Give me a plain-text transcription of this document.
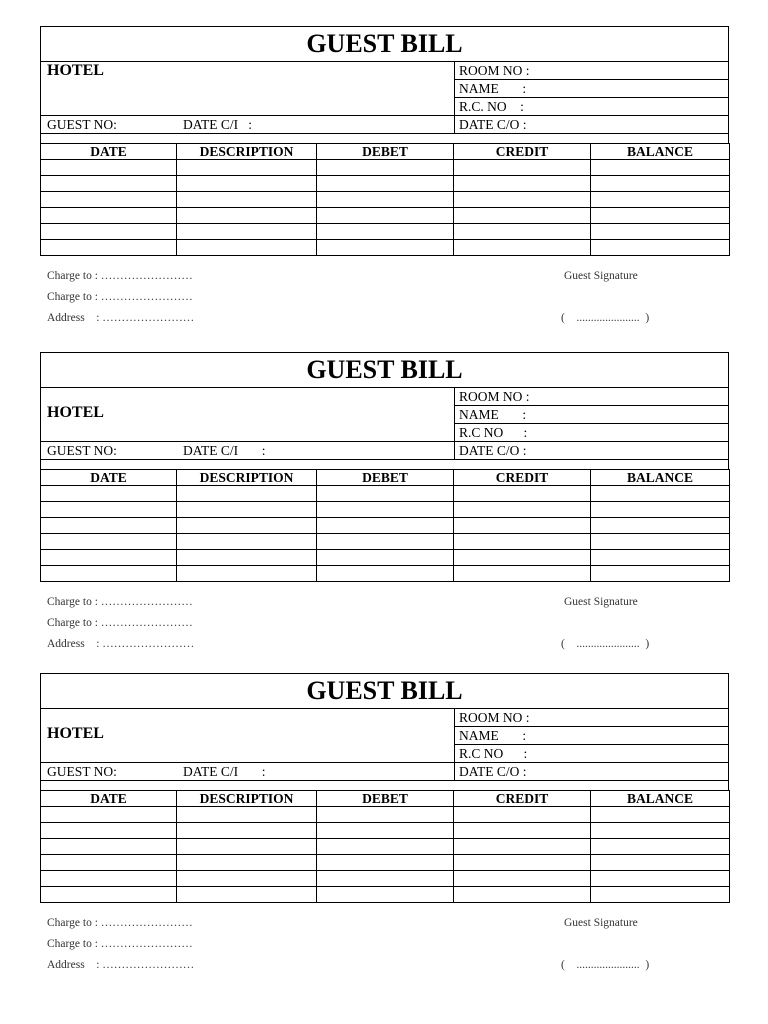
GUEST BILL
HOTEL	ROOM NO :
NAME       :
R.C. NO    :
GUEST NO:	DATE C/I   :	DATE C/O :
DATE	DESCRIPTION	DEBET	CREDIT	BALANCE

Charge to : ……………………
Charge to : ……………………
Address    : ……………………
Guest Signature
(    ......................  )
GUEST BILL
HOTEL
ROOM NO :
NAME       :
R.C NO      :
GUEST NO:	DATE C/I       :	DATE C/O :
DATE	DESCRIPTION	DEBET	CREDIT	BALANCE

Charge to : ……………………
Charge to : ……………………
Address    : ……………………
Guest Signature
(    ......................  )
GUEST BILL
HOTEL
ROOM NO :
NAME       :
R.C NO      :
GUEST NO:	DATE C/I       :	DATE C/O :
DATE	DESCRIPTION	DEBET	CREDIT	BALANCE

Charge to : ……………………
Charge to : ……………………
Address    : ……………………
Guest Signature
(    ......................  )
